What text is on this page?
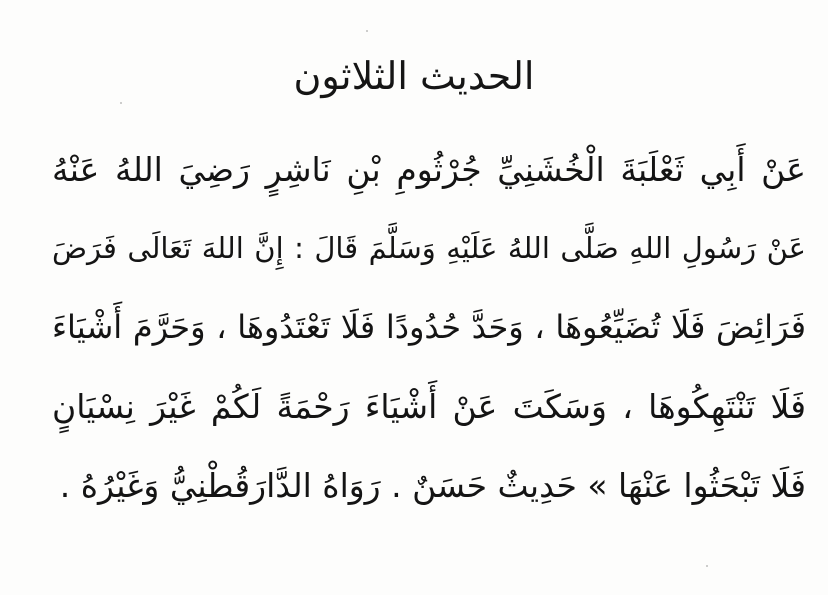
الحديث الثلاثون
عَنْ أَبِي ثَعْلَبَةَ الْخُشَنِيِّ جُرْثُومِ بْنِ نَاشِرٍ رَضِيَ اللهُ عَنْهُ
عَنْ رَسُولِ اللهِ صَلَّى اللهُ عَلَيْهِ وَسَلَّمَ قَالَ : إِنَّ اللهَ تَعَالَى فَرَضَ
فَرَائِضَ فَلَا تُضَيِّعُوهَا ، وَحَدَّ حُدُودًا فَلَا تَعْتَدُوهَا ، وَحَرَّمَ أَشْيَاءَ
فَلَا تَنْتَهِكُوهَا ، وَسَكَتَ عَنْ أَشْيَاءَ رَحْمَةً لَكُمْ غَيْرَ نِسْيَانٍ
فَلَا تَبْحَثُوا عَنْهَا » حَدِيثٌ حَسَنٌ . رَوَاهُ الدَّارَقُطْنِيُّ وَغَيْرُهُ .
